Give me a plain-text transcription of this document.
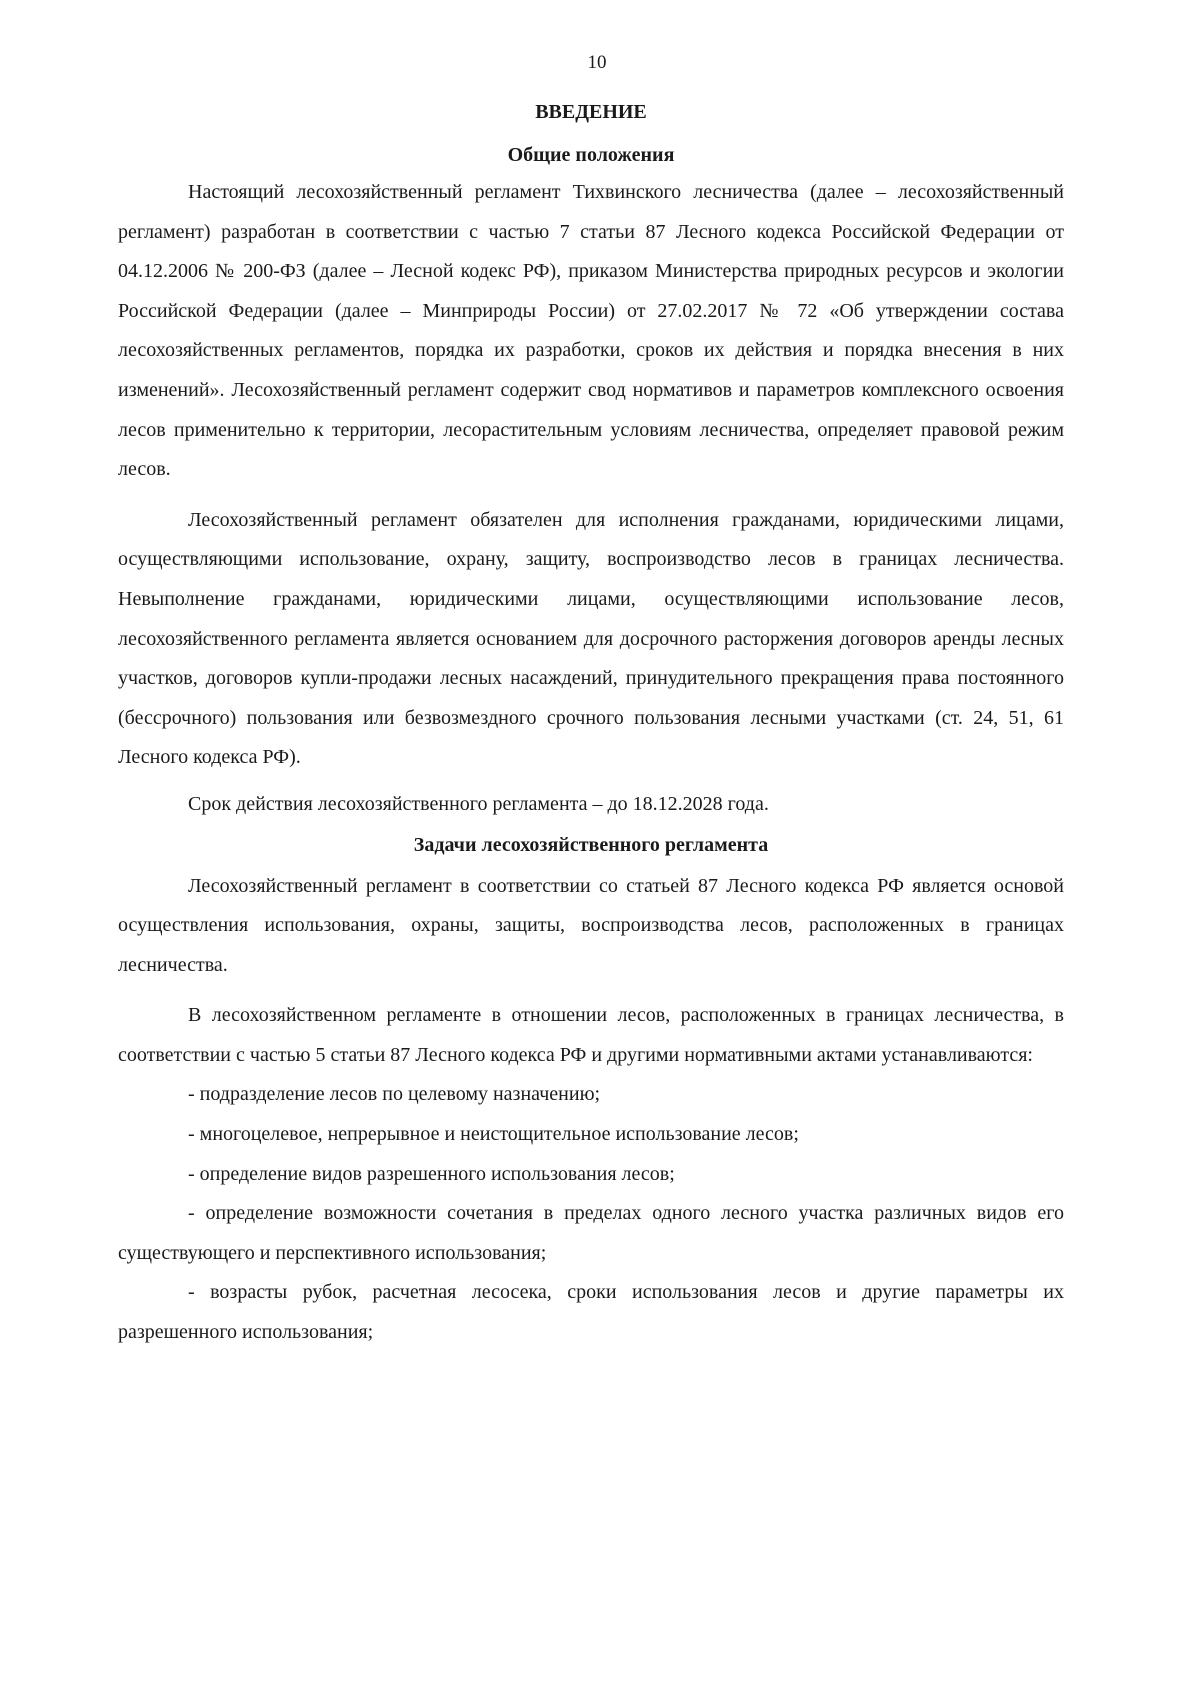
10
ВВЕДЕНИЕ
Общие положения

Настоящий лесохозяйственный регламент Тихвинского лесничества (далее – лесохозяйственный регламент) разработан в соответствии с частью 7 статьи 87 Лесного кодекса Российской Федерации от 04.12.2006 № 200-ФЗ (далее – Лесной кодекс РФ), приказом Министерства природных ресурсов и экологии Российской Федерации (далее – Минприроды России) от 27.02.2017 № 72 «Об утверждении состава лесохозяйственных регламентов, порядка их разработки, сроков их действия и порядка внесения в них изменений». Лесохозяйственный регламент содержит свод нормативов и параметров комплексного освоения лесов применительно к территории, лесорастительным условиям лесничества, определяет правовой режим лесов.

Лесохозяйственный регламент обязателен для исполнения гражданами, юридическими лицами, осуществляющими использование, охрану, защиту, воспроизводство лесов в границах лесничества. Невыполнение гражданами, юридическими лицами, осуществляющими использование лесов, лесохозяйственного регламента является основанием для досрочного расторжения договоров аренды лесных участков, договоров купли-продажи лесных насаждений, принудительного прекращения права постоянного (бессрочного) пользования или безвозмездного срочного пользования лесными участками (ст. 24, 51, 61 Лесного кодекса РФ).

Срок действия лесохозяйственного регламента – до 18.12.2028 года.

Задачи лесохозяйственного регламента

Лесохозяйственный регламент в соответствии со статьей 87 Лесного кодекса РФ является основой осуществления использования, охраны, защиты, воспроизводства лесов, расположенных в границах лесничества.

В лесохозяйственном регламенте в отношении лесов, расположенных в границах лесничества, в соответствии с частью 5 статьи 87 Лесного кодекса РФ и другими нормативными актами устанавливаются:

- подразделение лесов по целевому назначению;

- многоцелевое, непрерывное и неистощительное использование лесов;

- определение видов разрешенного использования лесов;

- определение возможности сочетания в пределах одного лесного участка различных видов его существующего и перспективного использования;

- возрасты рубок, расчетная лесосека, сроки использования лесов и другие параметры их разрешенного использования;
